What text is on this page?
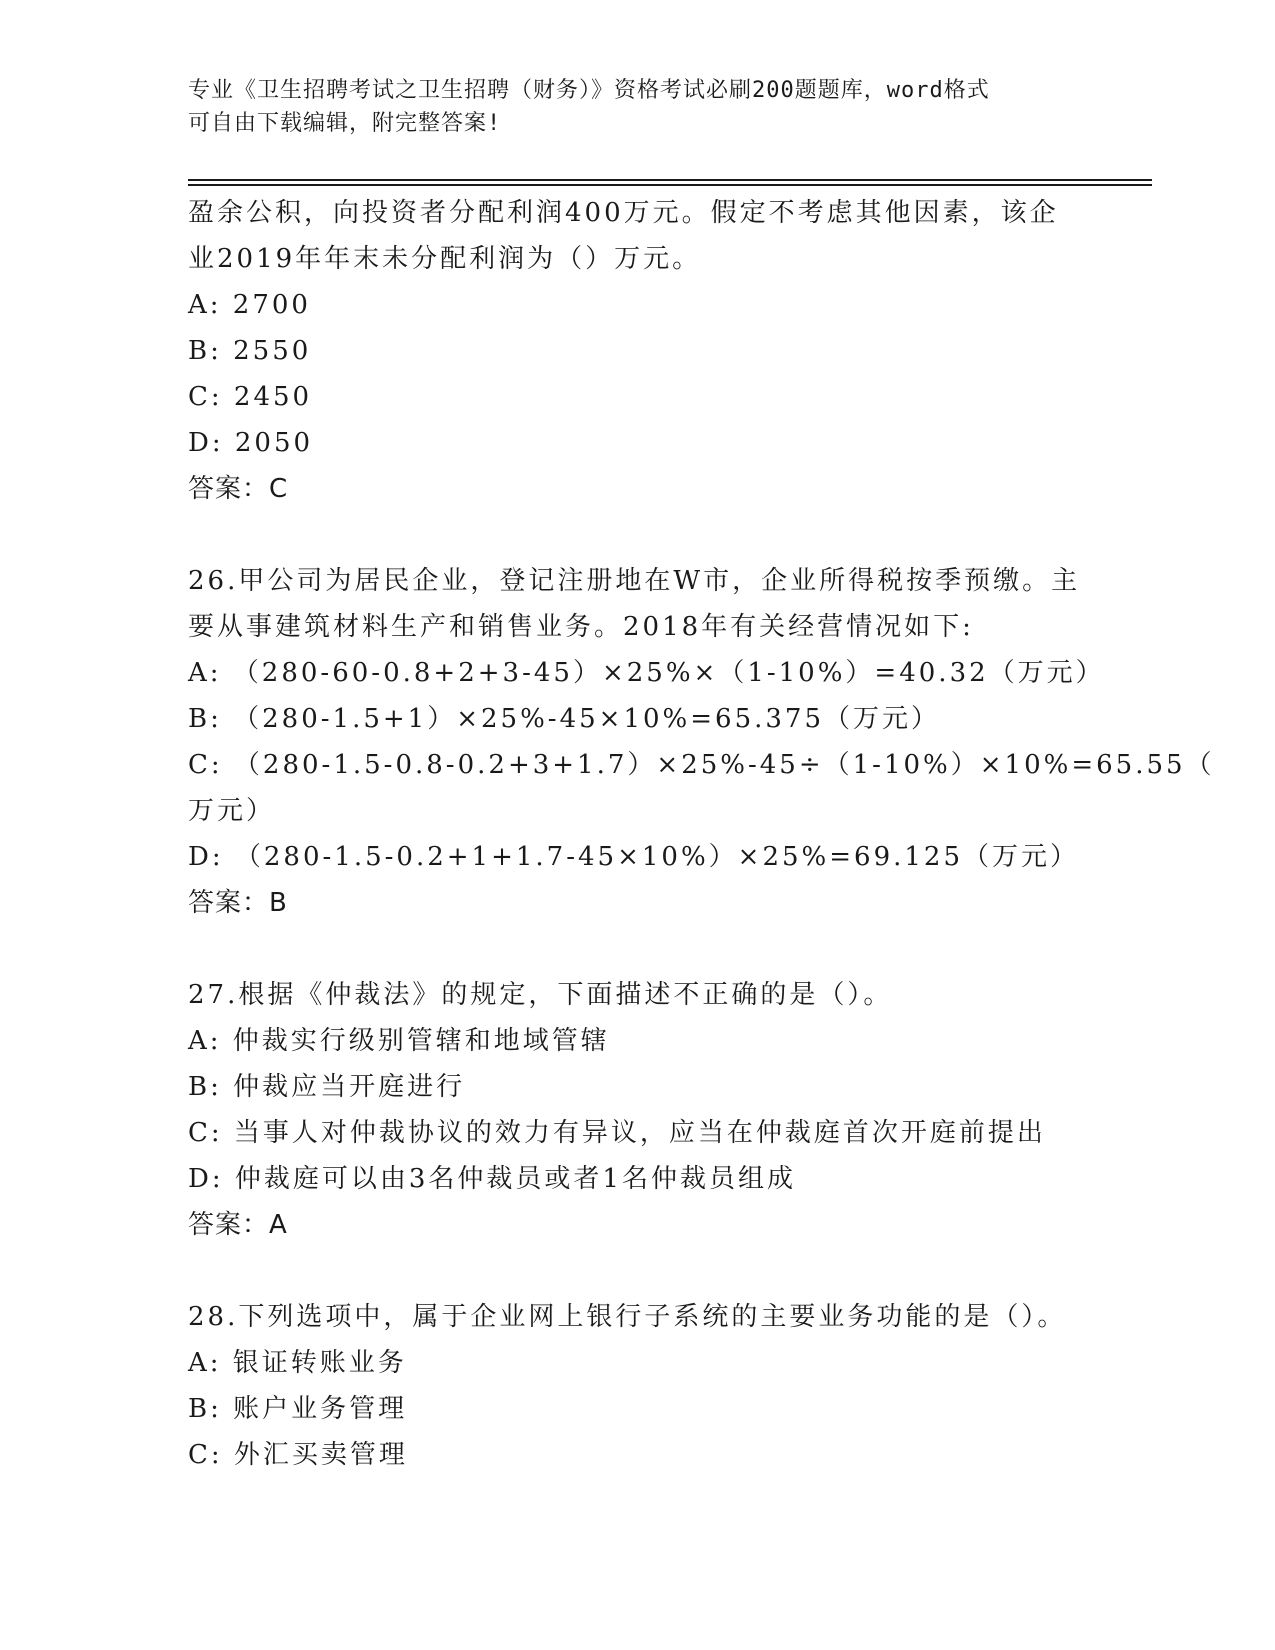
专业《卫生招聘考试之卫生招聘（财务）》资格考试必刷200题题库，word格式
可自由下载编辑，附完整答案!
盈余公积，向投资者分配利润400万元。假定不考虑其他因素，该企
业2019年年末未分配利润为（）万元。
A: 2700
B: 2550
C: 2450
D: 2050
答案：C
26.甲公司为居民企业，登记注册地在W市，企业所得税按季预缴。主
要从事建筑材料生产和销售业务。2018年有关经营情况如下:
A: （280-60-0.8+2+3-45）×25%×（1-10%）=40.32（万元）
B: （280-1.5+1）×25%-45×10%=65.375（万元）
C: （280-1.5-0.8-0.2+3+1.7）×25%-45÷（1-10%）×10%=65.55（
万元）
D: （280-1.5-0.2+1+1.7-45×10%）×25%=69.125（万元）
答案：B
27.根据《仲裁法》的规定，下面描述不正确的是（）。
A: 仲裁实行级别管辖和地域管辖
B: 仲裁应当开庭进行
C: 当事人对仲裁协议的效力有异议，应当在仲裁庭首次开庭前提出
D: 仲裁庭可以由3名仲裁员或者1名仲裁员组成
答案：A
28.下列选项中，属于企业网上银行子系统的主要业务功能的是（）。
A: 银证转账业务
B: 账户业务管理
C: 外汇买卖管理
